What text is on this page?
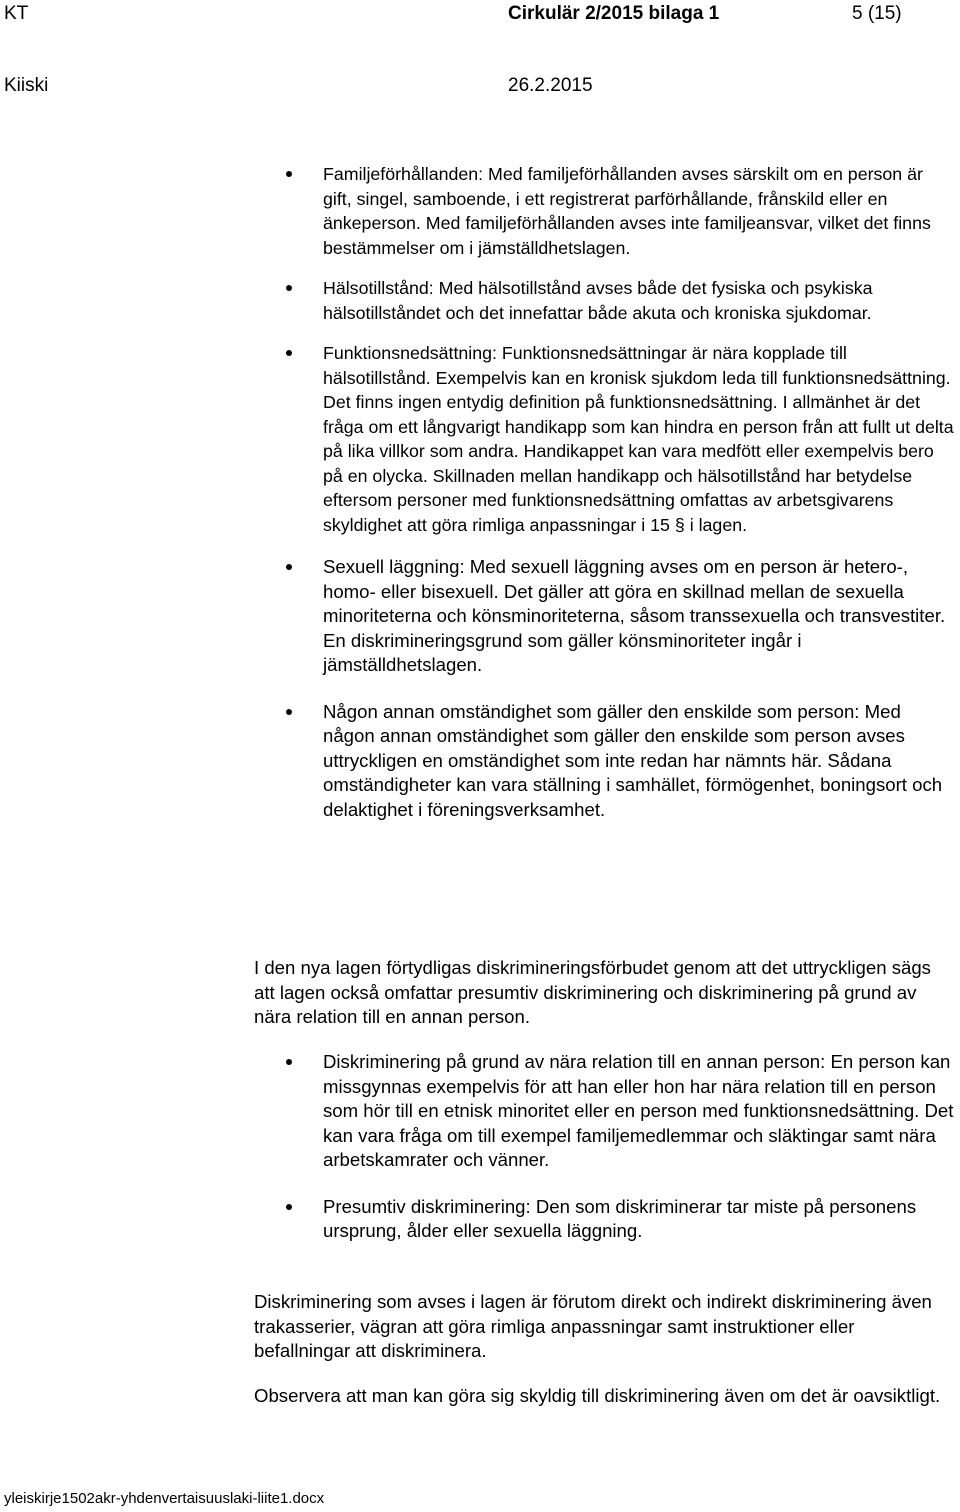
KT	Cirkulär 2/2015 bilaga 1	5 (15)
Kiiski	26.2.2015
Familjeförhållanden: Med familjeförhållanden avses särskilt om en person är gift, singel, samboende, i ett registrerat parförhållande, frånskild eller en änkeperson. Med familjeförhållanden avses inte familjeansvar, vilket det finns bestämmelser om i jämställdhetslagen.
Hälsotillstånd: Med hälsotillstånd avses både det fysiska och psykiska hälsotillståndet och det innefattar både akuta och kroniska sjukdomar.
Funktionsnedsättning: Funktionsnedsättningar är nära kopplade till hälsotillstånd. Exempelvis kan en kronisk sjukdom leda till funktionsnedsättning. Det finns ingen entydig definition på funktionsnedsättning. I allmänhet är det fråga om ett långvarigt handikapp som kan hindra en person från att fullt ut delta på lika villkor som andra. Handikappet kan vara medfött eller exempelvis bero på en olycka. Skillnaden mellan handikapp och hälsotillstånd har betydelse eftersom personer med funktionsnedsättning omfattas av arbetsgivarens skyldighet att göra rimliga anpassningar i 15 § i lagen.
Sexuell läggning: Med sexuell läggning avses om en person är hetero-, homo- eller bisexuell. Det gäller att göra en skillnad mellan de sexuella minoriteterna och könsminoriteterna, såsom transsexuella och transvestiter. En diskrimineringsgrund som gäller könsminoriteter ingår i jämställdhetslagen.
Någon annan omständighet som gäller den enskilde som person: Med någon annan omständighet som gäller den enskilde som person avses uttryckligen en omständighet som inte redan har nämnts här. Sådana omständigheter kan vara ställning i samhället, förmögenhet, boningsort och delaktighet i föreningsverksamhet.

I den nya lagen förtydligas diskrimineringsförbudet genom att det uttryckligen sägs att lagen också omfattar presumtiv diskriminering och diskriminering på grund av nära relation till en annan person.

Diskriminering på grund av nära relation till en annan person: En person kan missgynnas exempelvis för att han eller hon har nära relation till en person som hör till en etnisk minoritet eller en person med funktionsnedsättning. Det kan vara fråga om till exempel familjemedlemmar och släktingar samt nära arbetskamrater och vänner.
Presumtiv diskriminering: Den som diskriminerar tar miste på personens ursprung, ålder eller sexuella läggning.

Diskriminering som avses i lagen är förutom direkt och indirekt diskriminering även trakasserier, vägran att göra rimliga anpassningar samt instruktioner eller befallningar att diskriminera.

Observera att man kan göra sig skyldig till diskriminering även om det är oavsiktligt.

yleiskirje1502akr-yhdenvertaisuuslaki-liite1.docx
